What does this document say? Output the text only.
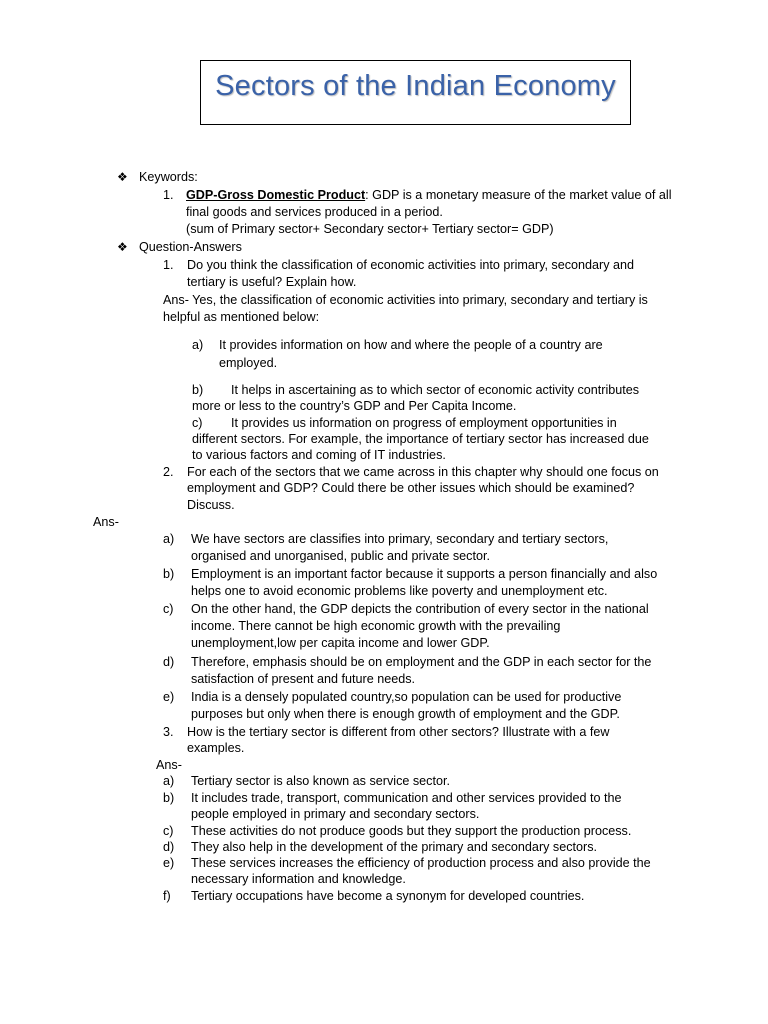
Sectors of the Indian Economy
❖ Keywords:
1. GDP-Gross Domestic Product: GDP is a monetary measure of the market value of all
final goods and services produced in a period.
(sum of Primary sector+ Secondary sector+ Tertiary sector= GDP)
❖ Question-Answers
1. Do you think the classification of economic activities into primary, secondary and
tertiary is useful? Explain how.
Ans- Yes, the classification of economic activities into primary, secondary and tertiary is
helpful as mentioned below:
a) It provides information on how and where the people of a country are
employed.
b) It helps in ascertaining as to which sector of economic activity contributes
more or less to the country’s GDP and Per Capita Income.
c) It provides us information on progress of employment opportunities in
different sectors. For example, the importance of tertiary sector has increased due
to various factors and coming of IT industries.
2. For each of the sectors that we came across in this chapter why should one focus on
employment and GDP? Could there be other issues which should be examined?
Discuss.
Ans-
a) We have sectors are classifies into primary, secondary and tertiary sectors,
organised and unorganised, public and private sector.
b) Employment is an important factor because it supports a person financially and also
helps one to avoid economic problems like poverty and unemployment etc.
c) On the other hand, the GDP depicts the contribution of every sector in the national
income. There cannot be high economic growth with the prevailing
unemployment,low per capita income and lower GDP.
d) Therefore, emphasis should be on employment and the GDP in each sector for the
satisfaction of present and future needs.
e) India is a densely populated country,so population can be used for productive
purposes but only when there is enough growth of employment and the GDP.
3. How is the tertiary sector is different from other sectors? Illustrate with a few
examples.
Ans-
a) Tertiary sector is also known as service sector.
b) It includes trade, transport, communication and other services provided to the
people employed in primary and secondary sectors.
c) These activities do not produce goods but they support the production process.
d) They also help in the development of the primary and secondary sectors.
e) These services increases the efficiency of production process and also provide the
necessary information and knowledge.
f) Tertiary occupations have become a synonym for developed countries.
